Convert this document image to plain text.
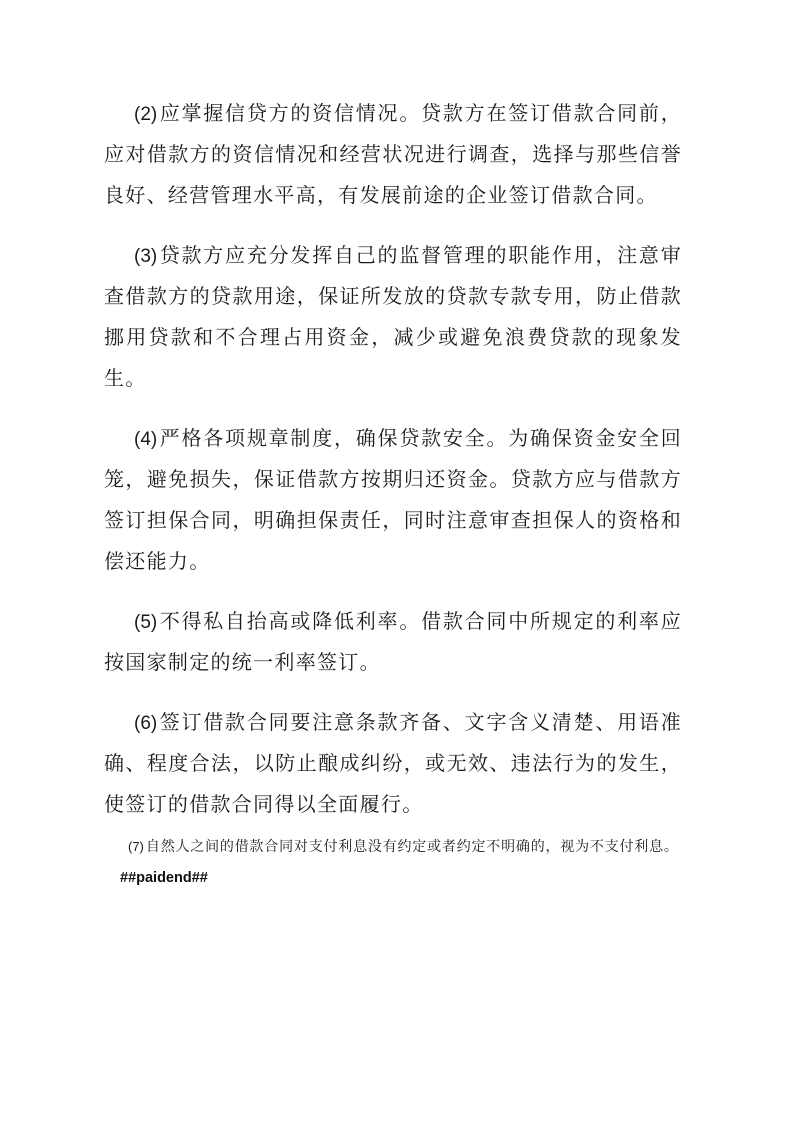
(2) 应掌握信贷方的资信情况。贷款方在签订借款合同前，应对借款方的资信情况和经营状况进行调查，选择与那些信誉良好、经营管理水平高，有发展前途的企业签订借款合同。

(3) 贷款方应充分发挥自己的监督管理的职能作用，注意审查借款方的贷款用途，保证所发放的贷款专款专用，防止借款挪用贷款和不合理占用资金，减少或避免浪费贷款的现象发生。

(4) 严格各项规章制度，确保贷款安全。为确保资金安全回笼，避免损失，保证借款方按期归还资金。贷款方应与借款方签订担保合同，明确担保责任，同时注意审查担保人的资格和偿还能力。

(5) 不得私自抬高或降低利率。借款合同中所规定的利率应按国家制定的统一利率签订。

(6) 签订借款合同要注意条款齐备、文字含义清楚、用语准确、程度合法，以防止酿成纠纷，或无效、违法行为的发生，使签订的借款合同得以全面履行。

(7) 自然人之间的借款合同对支付利息没有约定或者约定不明确的，视为不支付利息。

##paidend##
